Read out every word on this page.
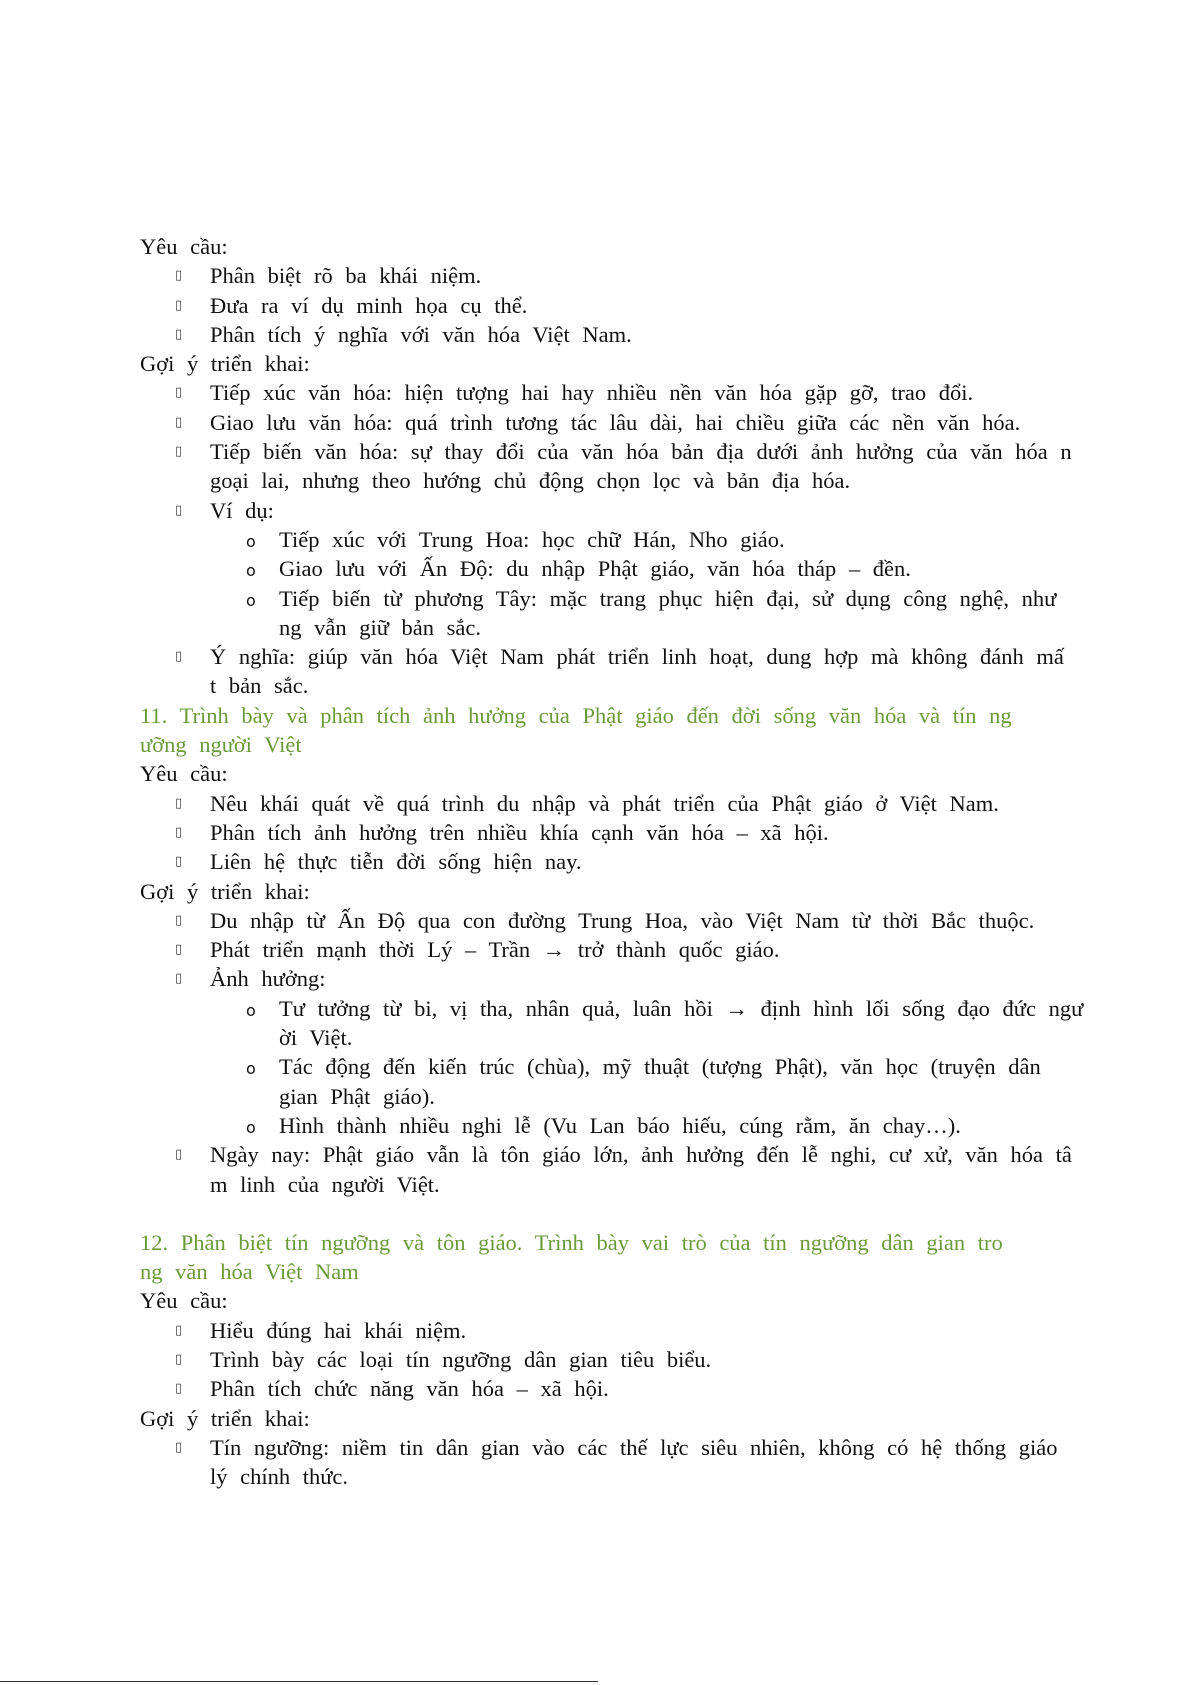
Yêu cầu:
▯ Phân biệt rõ ba khái niệm.
▯ Đưa ra ví dụ minh họa cụ thể.
▯ Phân tích ý nghĩa với văn hóa Việt Nam.
Gợi ý triển khai:
▯ Tiếp xúc văn hóa: hiện tượng hai hay nhiều nền văn hóa gặp gỡ, trao đổi.
▯ Giao lưu văn hóa: quá trình tương tác lâu dài, hai chiều giữa các nền văn hóa.
▯ Tiếp biến văn hóa: sự thay đổi của văn hóa bản địa dưới ảnh hưởng của văn hóa n
goại lai, nhưng theo hướng chủ động chọn lọc và bản địa hóa.
▯ Ví dụ:
o Tiếp xúc với Trung Hoa: học chữ Hán, Nho giáo.
o Giao lưu với Ấn Độ: du nhập Phật giáo, văn hóa tháp – đền.
o Tiếp biến từ phương Tây: mặc trang phục hiện đại, sử dụng công nghệ, như
ng vẫn giữ bản sắc.
▯ Ý nghĩa: giúp văn hóa Việt Nam phát triển linh hoạt, dung hợp mà không đánh mấ
t bản sắc.
11. Trình bày và phân tích ảnh hưởng của Phật giáo đến đời sống văn hóa và tín ng
ưỡng người Việt
Yêu cầu:
▯ Nêu khái quát về quá trình du nhập và phát triển của Phật giáo ở Việt Nam.
▯ Phân tích ảnh hưởng trên nhiều khía cạnh văn hóa – xã hội.
▯ Liên hệ thực tiễn đời sống hiện nay.
Gợi ý triển khai:
▯ Du nhập từ Ấn Độ qua con đường Trung Hoa, vào Việt Nam từ thời Bắc thuộc.
▯ Phát triển mạnh thời Lý – Trần → trở thành quốc giáo.
▯ Ảnh hưởng:
o Tư tưởng từ bi, vị tha, nhân quả, luân hồi → định hình lối sống đạo đức ngư
ời Việt.
o Tác động đến kiến trúc (chùa), mỹ thuật (tượng Phật), văn học (truyện dân
gian Phật giáo).
o Hình thành nhiều nghi lễ (Vu Lan báo hiếu, cúng rằm, ăn chay…).
▯ Ngày nay: Phật giáo vẫn là tôn giáo lớn, ảnh hưởng đến lễ nghi, cư xử, văn hóa tâ
m linh của người Việt.
12. Phân biệt tín ngưỡng và tôn giáo. Trình bày vai trò của tín ngưỡng dân gian tro
ng văn hóa Việt Nam
Yêu cầu:
▯ Hiểu đúng hai khái niệm.
▯ Trình bày các loại tín ngưỡng dân gian tiêu biểu.
▯ Phân tích chức năng văn hóa – xã hội.
Gợi ý triển khai:
▯ Tín ngưỡng: niềm tin dân gian vào các thế lực siêu nhiên, không có hệ thống giáo
lý chính thức.
